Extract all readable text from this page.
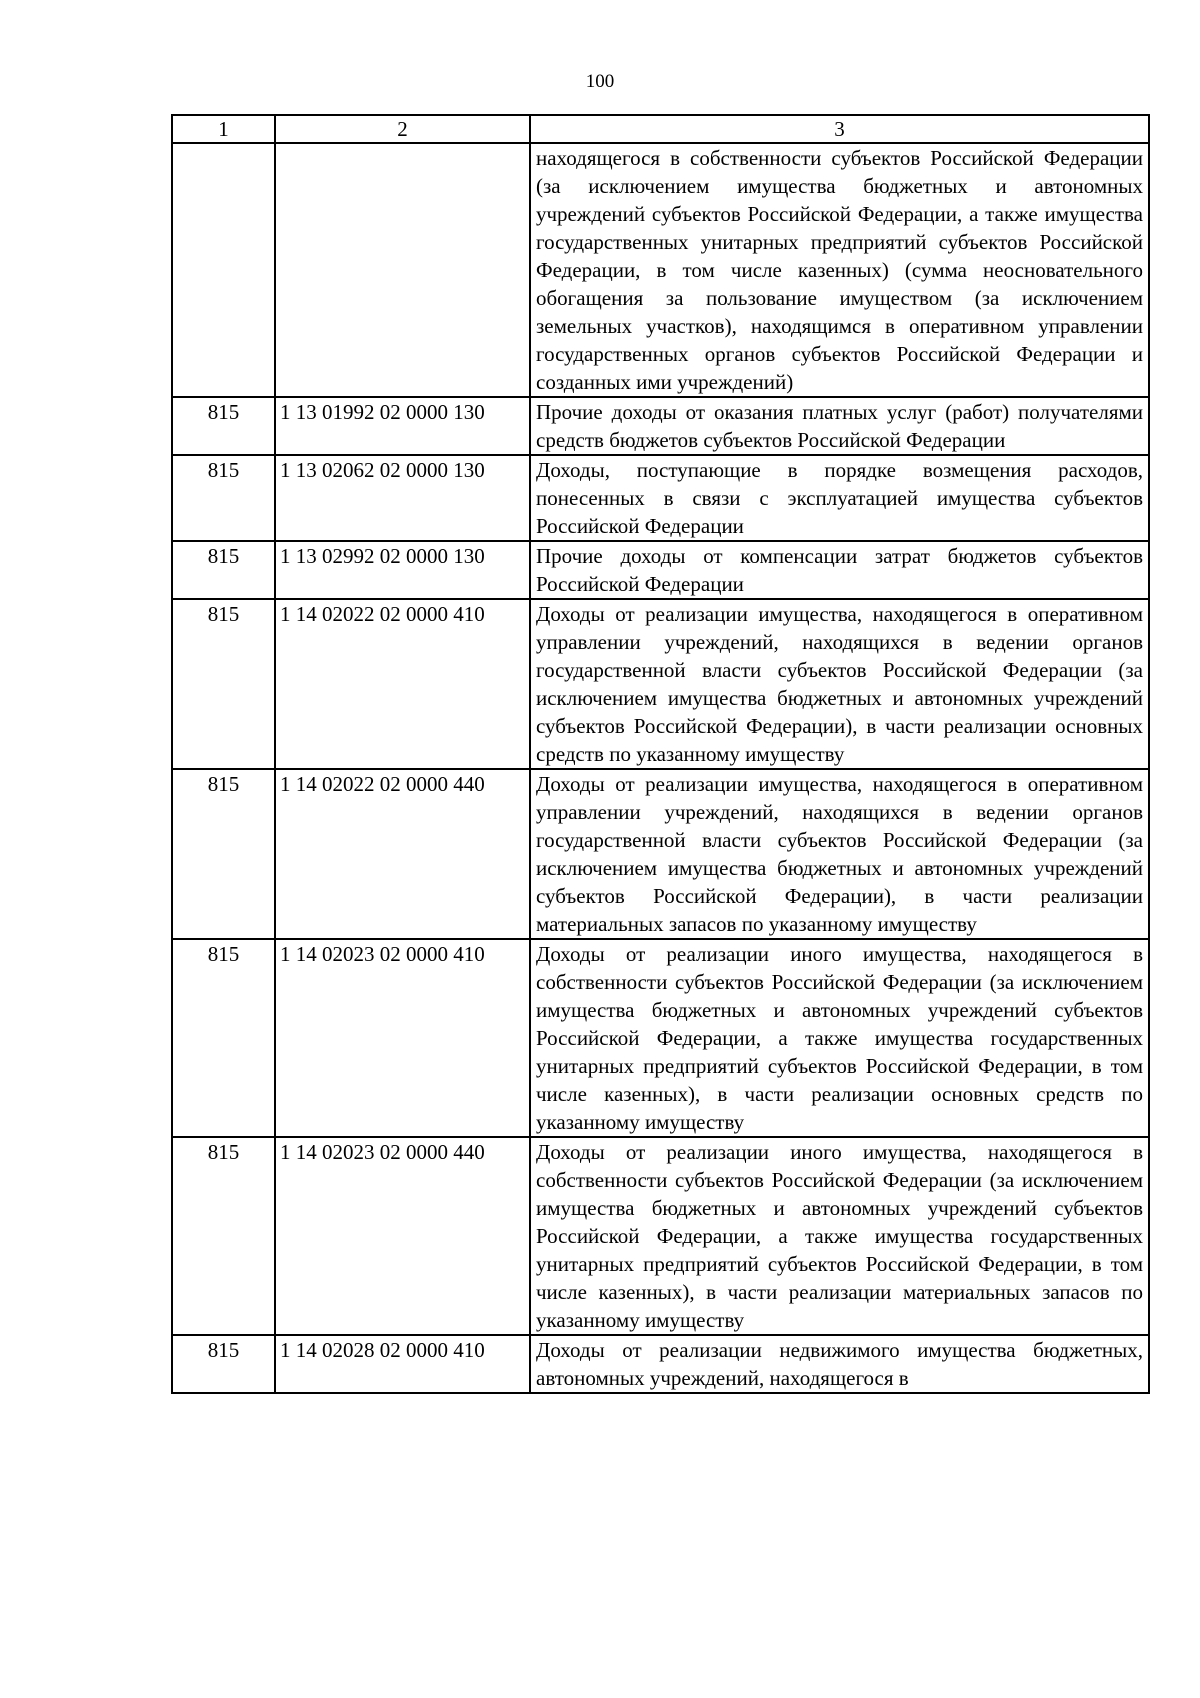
100
1	2	3
		находящегося в собственности субъектов Российской Федерации (за исключением имущества бюджетных и автономных учреждений субъектов Российской Федерации, а также имущества государственных унитарных предприятий субъектов Российской Федерации, в том числе казенных) (сумма неосновательного обогащения за пользование имуществом (за исключением земельных участков), находящимся в оперативном управлении государственных органов субъектов Российской Федерации и созданных ими учреждений)
815	1 13 01992 02 0000 130	Прочие доходы от оказания платных услуг (работ) получателями средств бюджетов субъектов Российской Федерации
815	1 13 02062 02 0000 130	Доходы, поступающие в порядке возмещения расходов, понесенных в связи с эксплуатацией имущества субъектов Российской Федерации
815	1 13 02992 02 0000 130	Прочие доходы от компенсации затрат бюджетов субъектов Российской Федерации
815	1 14 02022 02 0000 410	Доходы от реализации имущества, находящегося в оперативном управлении учреждений, находящихся в ведении органов государственной власти субъектов Российской Федерации (за исключением имущества бюджетных и автономных учреждений субъектов Российской Федерации), в части реализации основных средств по указанному имуществу
815	1 14 02022 02 0000 440	Доходы от реализации имущества, находящегося в оперативном управлении учреждений, находящихся в ведении органов государственной власти субъектов Российской Федерации (за исключением имущества бюджетных и автономных учреждений субъектов Российской Федерации), в части реализации материальных запасов по указанному имуществу
815	1 14 02023 02 0000 410	Доходы от реализации иного имущества, находящегося в собственности субъектов Российской Федерации (за исключением имущества бюджетных и автономных учреждений субъектов Российской Федерации, а также имущества государственных унитарных предприятий субъектов Российской Федерации, в том числе казенных), в части реализации основных средств по указанному имуществу
815	1 14 02023 02 0000 440	Доходы от реализации иного имущества, находящегося в собственности субъектов Российской Федерации (за исключением имущества бюджетных и автономных учреждений субъектов Российской Федерации, а также имущества государственных унитарных предприятий субъектов Российской Федерации, в том числе казенных), в части реализации материальных запасов по указанному имуществу
815	1 14 02028 02 0000 410	Доходы от реализации недвижимого имущества бюджетных, автономных учреждений, находящегося в
